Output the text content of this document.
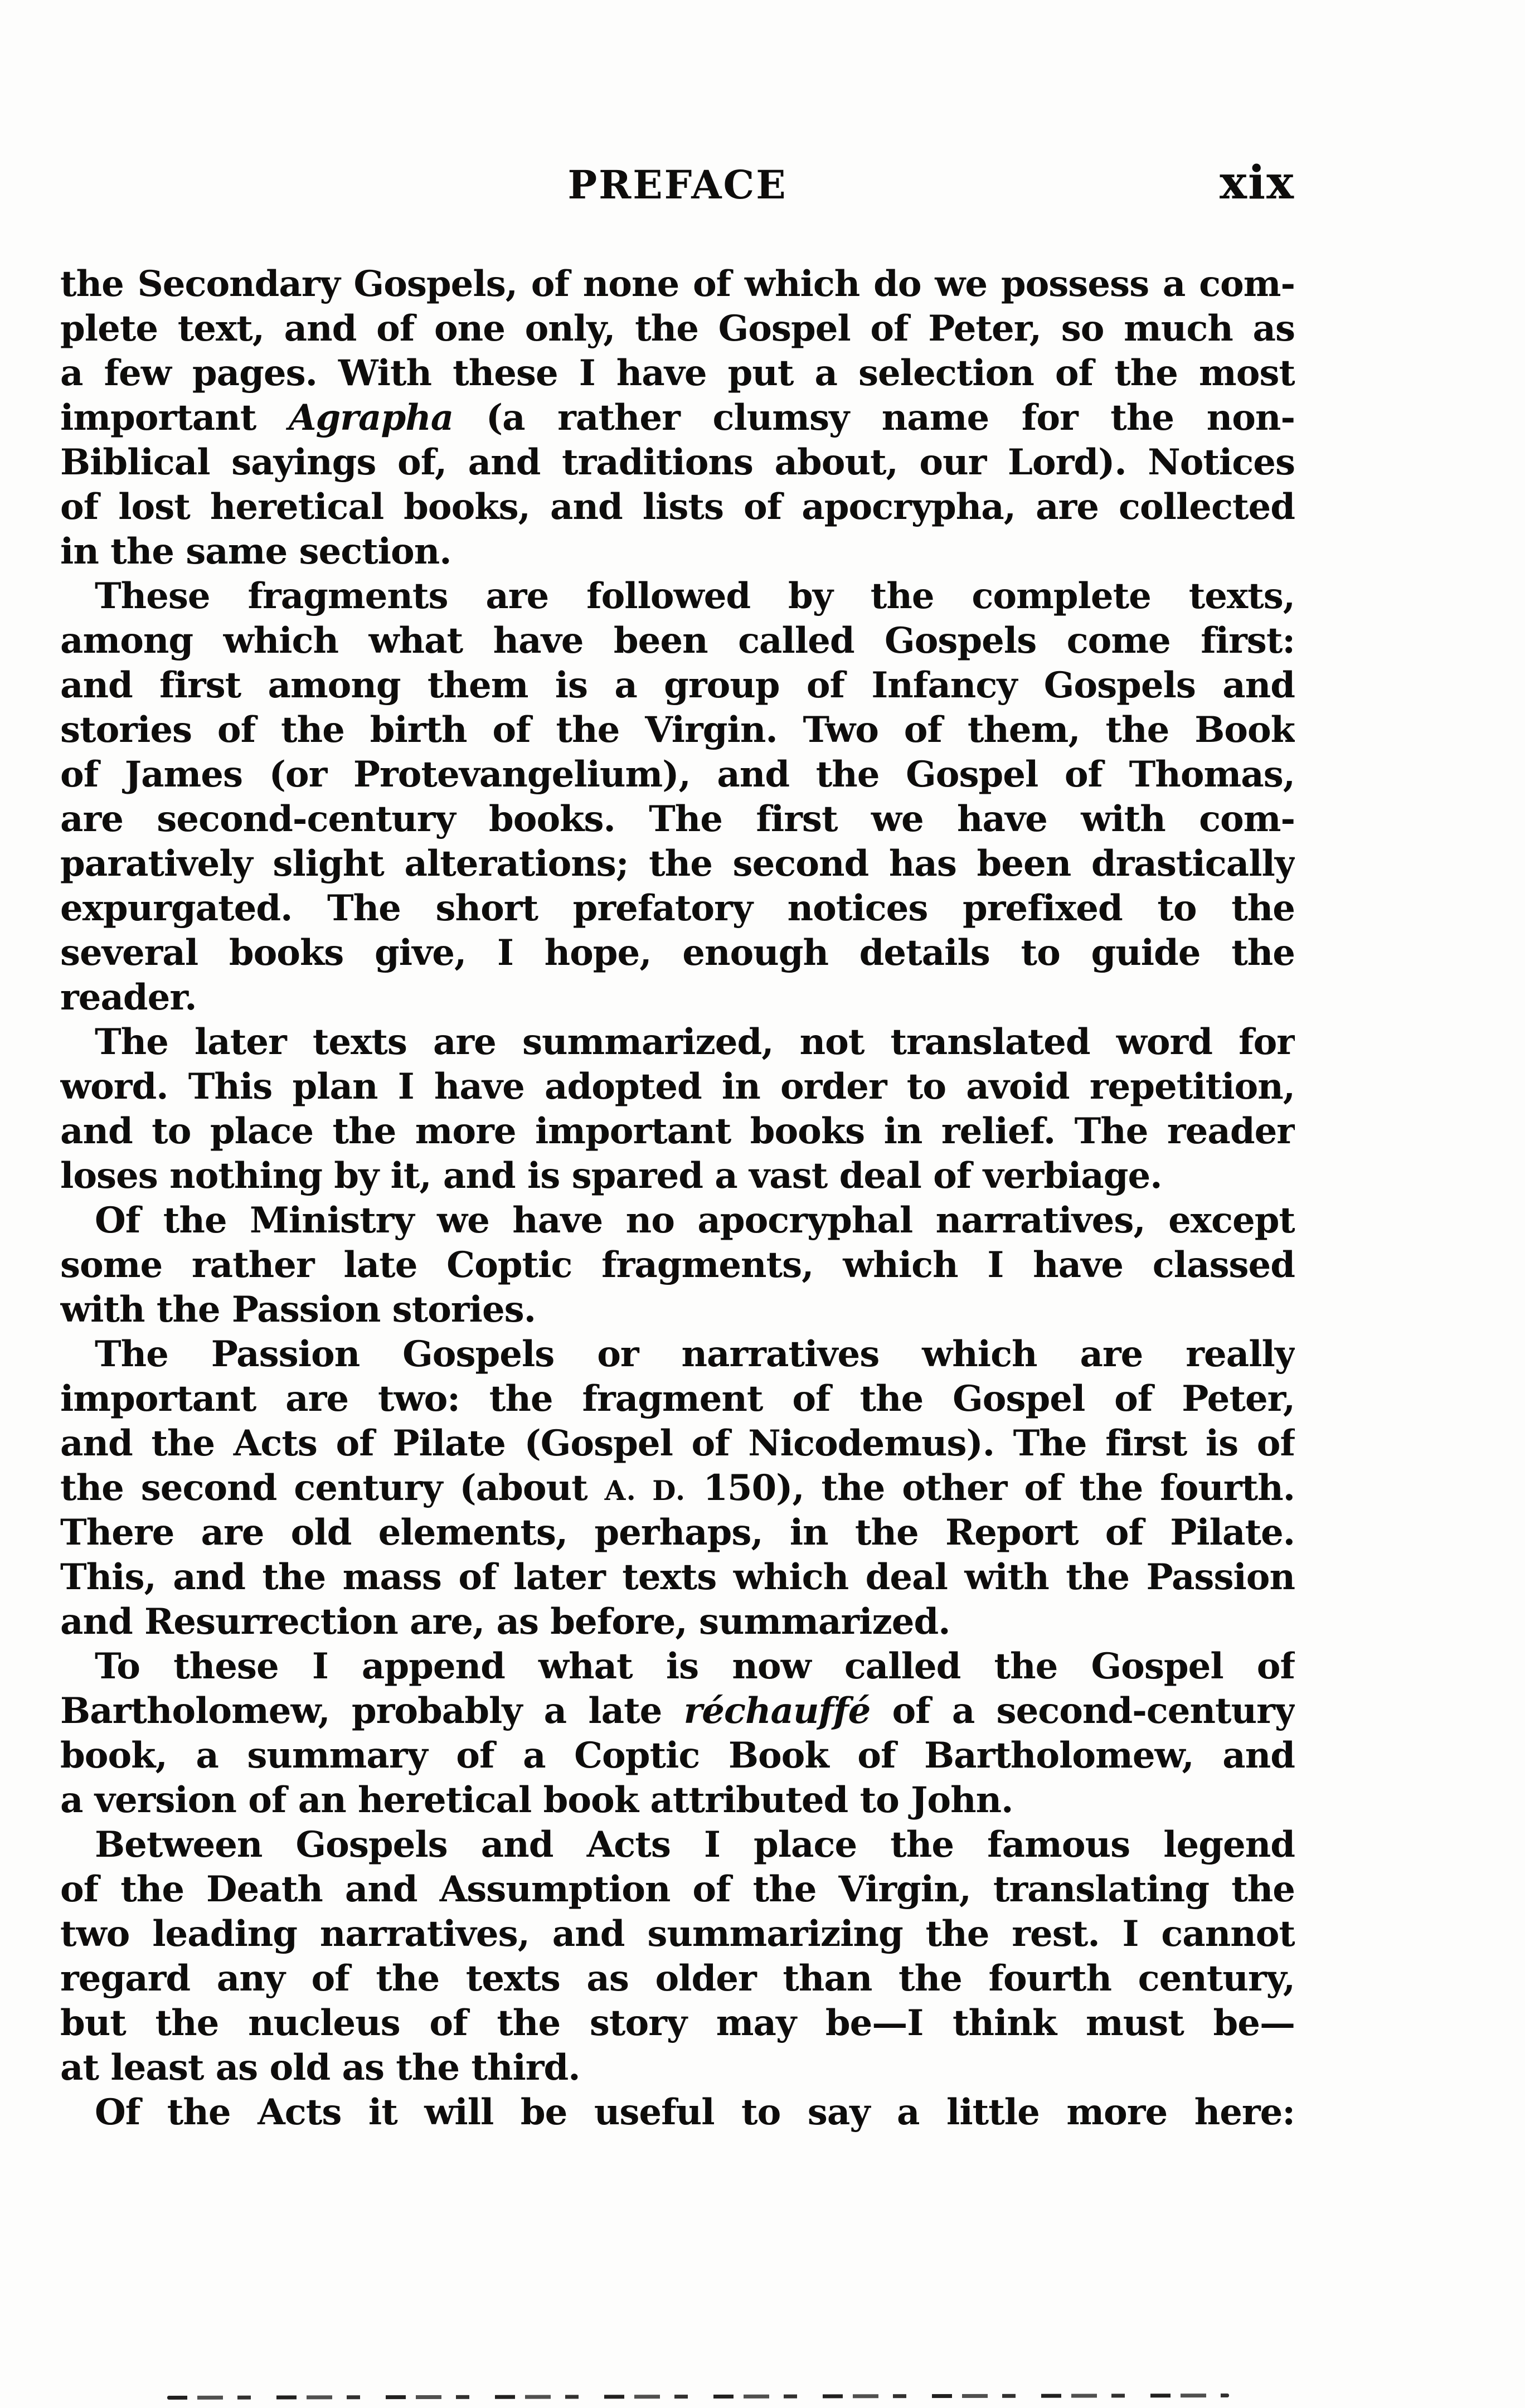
PREFACE	xix
the Secondary Gospels, of none of which do we possess a com-
plete text, and of one only, the Gospel of Peter, so much as
a few pages. With these I have put a selection of the most
important Agrapha (a rather clumsy name for the non-
Biblical sayings of, and traditions about, our Lord). Notices
of lost heretical books, and lists of apocrypha, are collected
in the same section.
These fragments are followed by the complete texts,
among which what have been called Gospels come first:
and first among them is a group of Infancy Gospels and
stories of the birth of the Virgin. Two of them, the Book
of James (or Protevangelium), and the Gospel of Thomas,
are second-century books. The first we have with com-
paratively slight alterations; the second has been drastically
expurgated. The short prefatory notices prefixed to the
several books give, I hope, enough details to guide the
reader.
The later texts are summarized, not translated word for
word. This plan I have adopted in order to avoid repetition,
and to place the more important books in relief. The reader
loses nothing by it, and is spared a vast deal of verbiage.
Of the Ministry we have no apocryphal narratives, except
some rather late Coptic fragments, which I have classed
with the Passion stories.
The Passion Gospels or narratives which are really
important are two: the fragment of the Gospel of Peter,
and the Acts of Pilate (Gospel of Nicodemus). The first is of
the second century (about A. D. 150), the other of the fourth.
There are old elements, perhaps, in the Report of Pilate.
This, and the mass of later texts which deal with the Passion
and Resurrection are, as before, summarized.
To these I append what is now called the Gospel of
Bartholomew, probably a late réchauffé of a second-century
book, a summary of a Coptic Book of Bartholomew, and
a version of an heretical book attributed to John.
Between Gospels and Acts I place the famous legend
of the Death and Assumption of the Virgin, translating the
two leading narratives, and summarizing the rest. I cannot
regard any of the texts as older than the fourth century,
but the nucleus of the story may be—I think must be—
at least as old as the third.
Of the Acts it will be useful to say a little more here:
